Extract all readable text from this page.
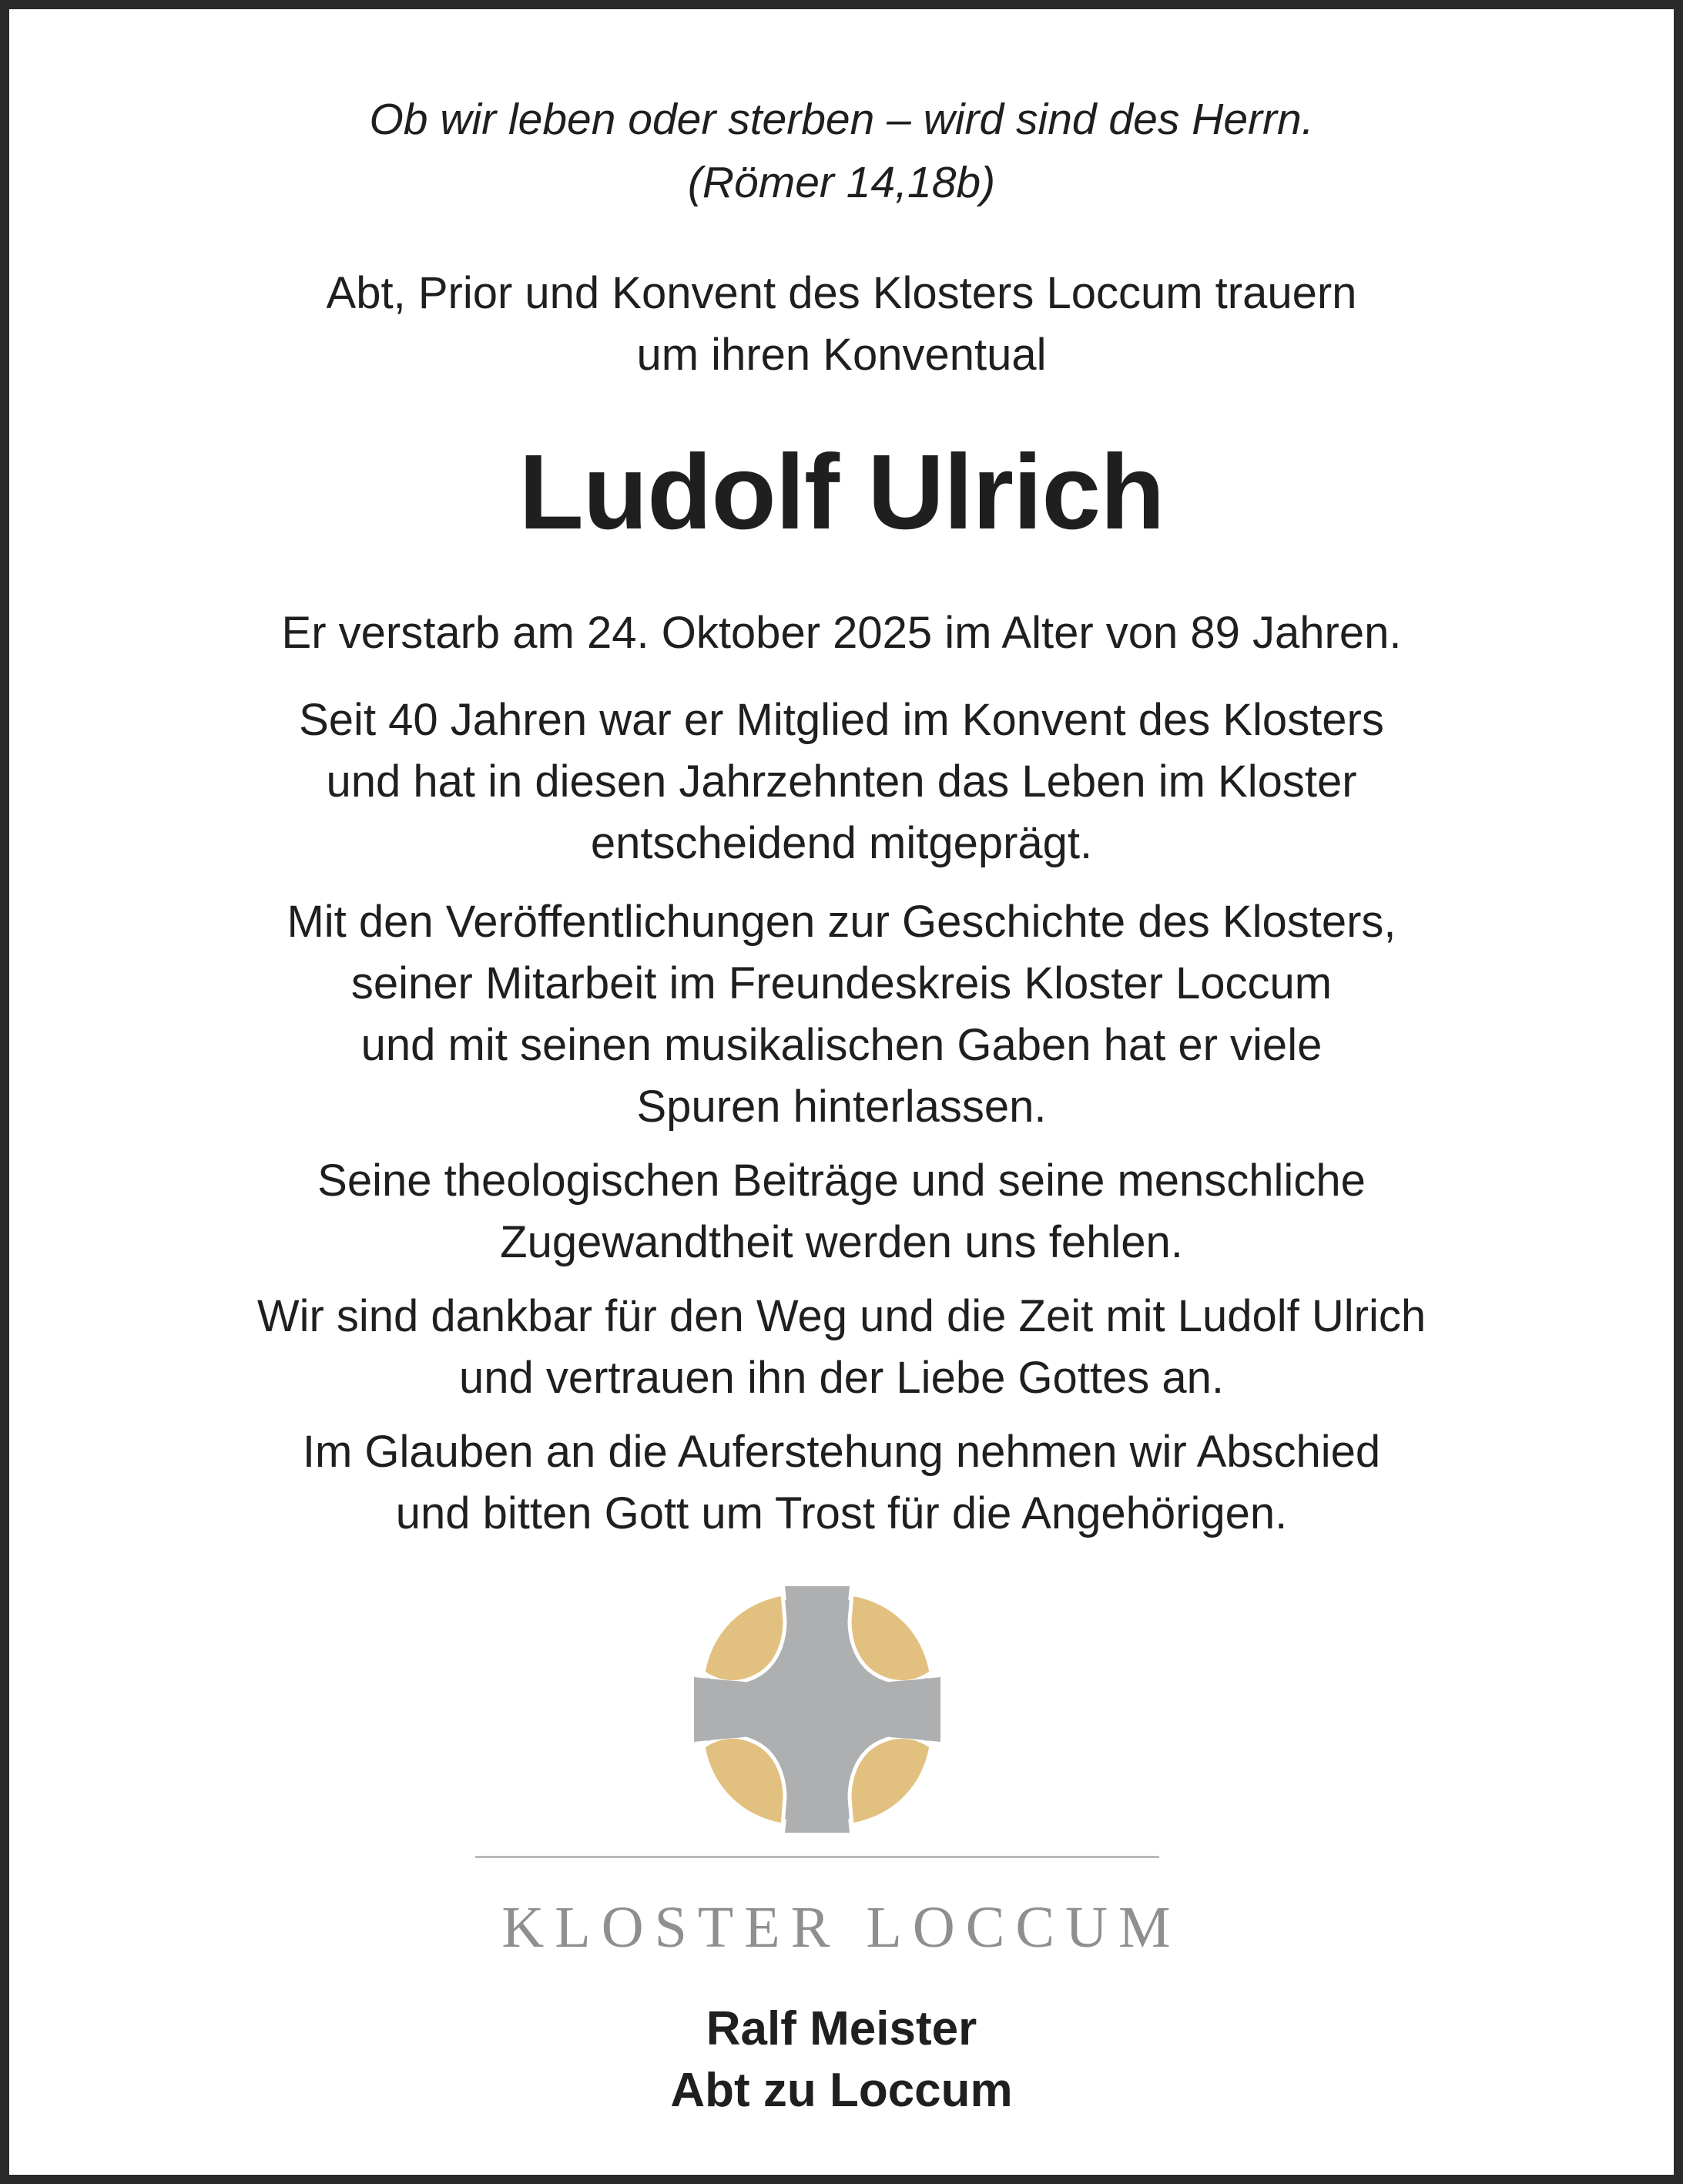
Ob wir leben oder sterben – wird sind des Herrn.
(Römer 14,18b)
Abt, Prior und Konvent des Klosters Loccum trauern
um ihren Konventual
Ludolf Ulrich
Er verstarb am 24. Oktober 2025 im Alter von 89 Jahren.
Seit 40 Jahren war er Mitglied im Konvent des Klosters
und hat in diesen Jahrzehnten das Leben im Kloster
entscheidend mitgeprägt.
Mit den Veröffentlichungen zur Geschichte des Klosters,
seiner Mitarbeit im Freundeskreis Kloster Loccum
und mit seinen musikalischen Gaben hat er viele
Spuren hinterlassen.
Seine theologischen Beiträge und seine menschliche
Zugewandtheit werden uns fehlen.
Wir sind dankbar für den Weg und die Zeit mit Ludolf Ulrich
und vertrauen ihn der Liebe Gottes an.
Im Glauben an die Auferstehung nehmen wir Abschied
und bitten Gott um Trost für die Angehörigen.
KLOSTER LOCCUM
Ralf Meister
Abt zu Loccum
